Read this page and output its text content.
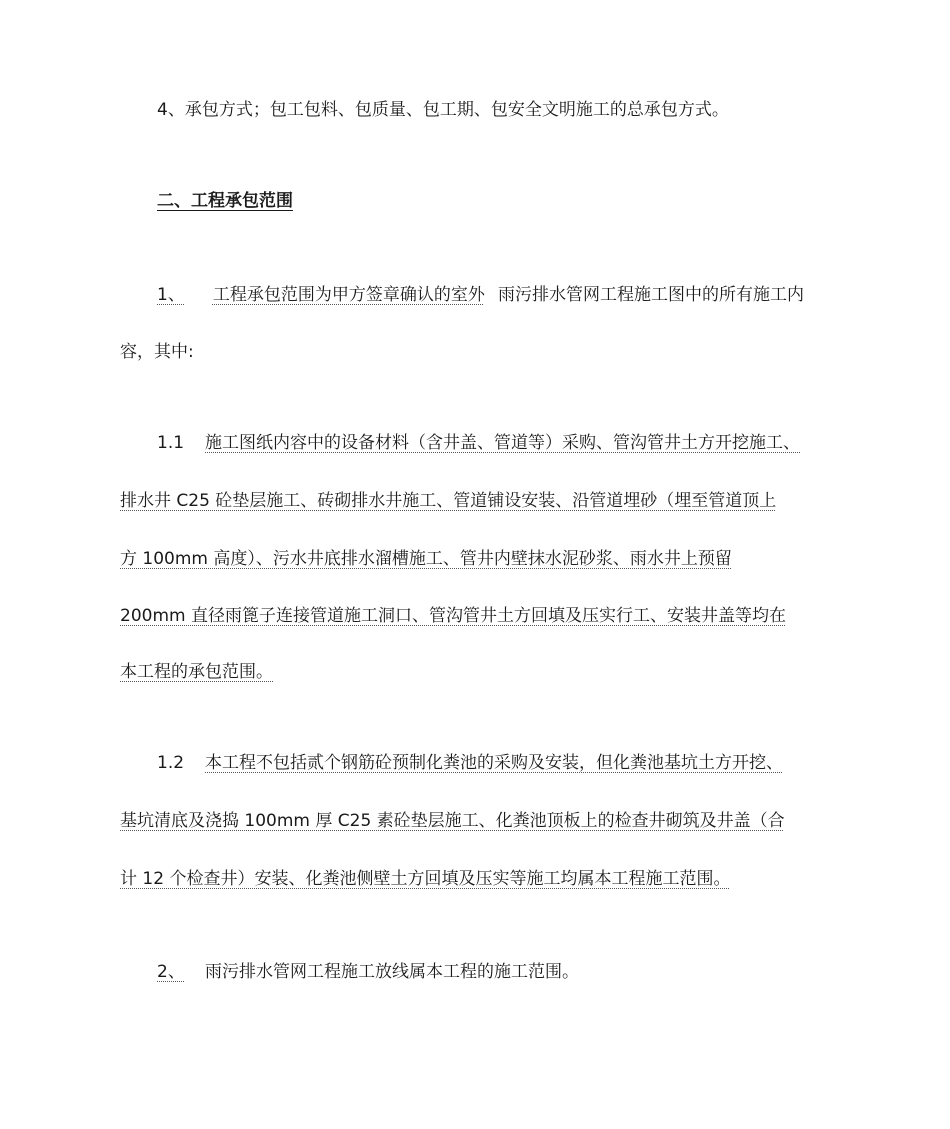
4、承包方式；包工包料、包质量、包工期、包安全文明施工的总承包方式。
二、工程承包范围
1、 工程承包范围为甲方签章确认的室外 雨污排水管网工程施工图中的所有施工内
容，其中:
1.1 施工图纸内容中的设备材料（含井盖、管道等）采购、管沟管井土方开挖施工、
排水井 C25 砼垫层施工、砖砌排水井施工、管道铺设安装、沿管道埋砂（埋至管道顶上
方 100mm 高度）、污水井底排水溜槽施工、管井内壁抹水泥砂浆、雨水井上预留
200mm 直径雨篦子连接管道施工洞口、管沟管井土方回填及压实行工、安装井盖等均在
本工程的承包范围。
1.2 本工程不包括贰个钢筋砼预制化粪池的采购及安装，但化粪池基坑土方开挖、
基坑清底及浇捣 100mm 厚 C25 素砼垫层施工、化粪池顶板上的检查井砌筑及井盖（合
计 12 个检查井）安装、化粪池侧壁土方回填及压实等施工均属本工程施工范围。
2、	雨污排水管网工程施工放线属本工程的施工范围。
